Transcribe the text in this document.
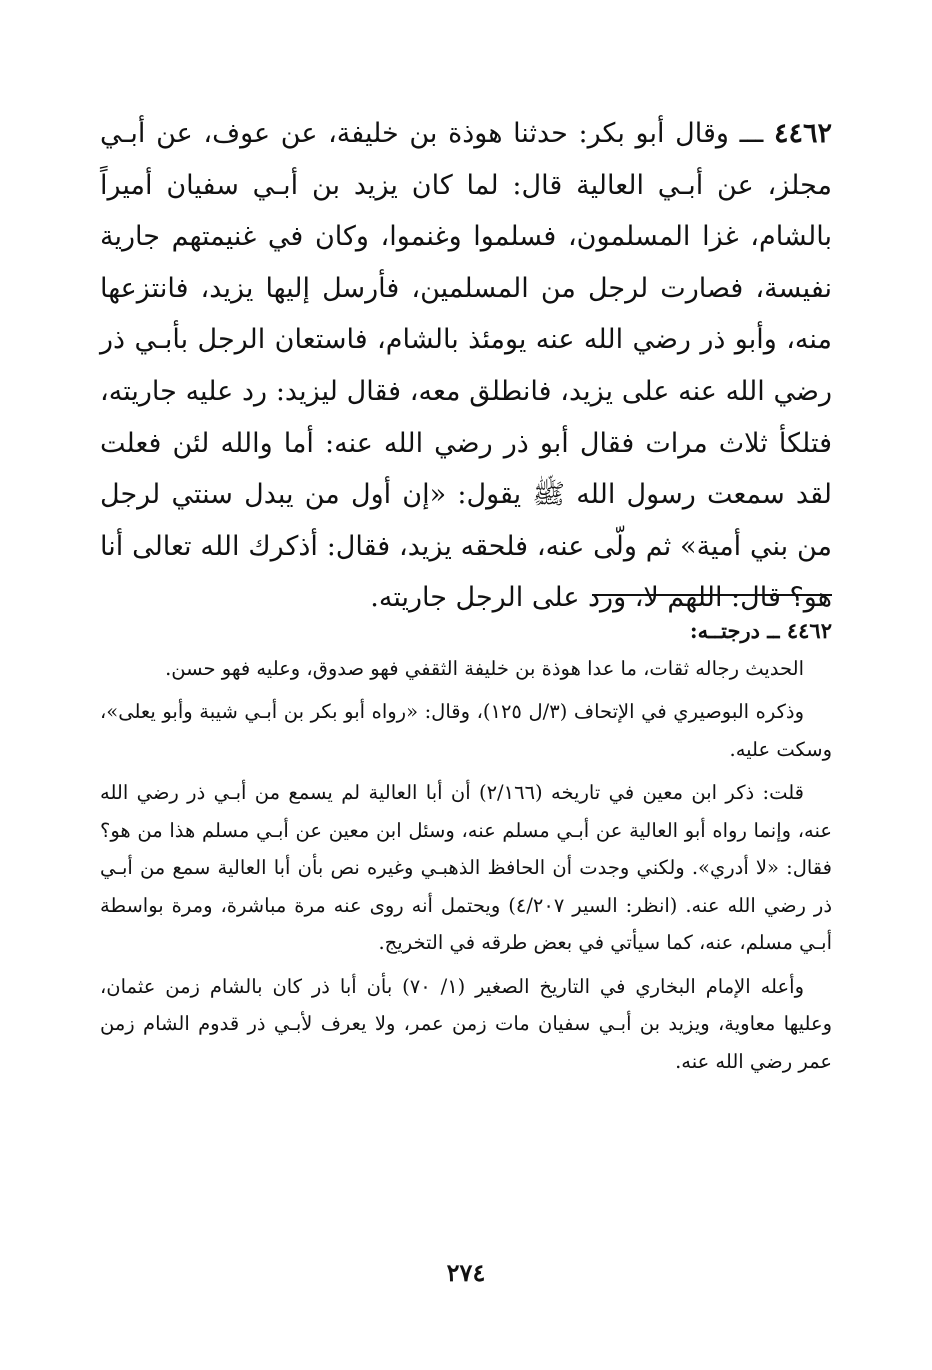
٤٤٦٢ ـــ وقال أبو بكر: حدثنا هوذة بن خليفة، عن عوف، عن أبـي مجلز، عن أبـي العالية قال: لما كان يزيد بن أبـي سفيان أميراً بالشام، غزا المسلمون، فسلموا وغنموا، وكان في غنيمتهم جارية نفيسة، فصارت لرجل من المسلمين، فأرسل إليها يزيد، فانتزعها منه، وأبو ذر رضي الله عنه يومئذ بالشام، فاستعان الرجل بأبـي ذر رضي الله عنه على يزيد، فانطلق معه، فقال ليزيد: رد عليه جاريته، فتلكأ ثلاث مرات فقال أبو ذر رضي الله عنه: أما والله لئن فعلت لقد سمعت رسول الله ﷺ يقول: «إن أول من يبدل سنتي لرجل من بني أمية» ثم ولّى عنه، فلحقه يزيد، فقال: أذكرك الله تعالى أنا هو؟ قال: اللهم لا، ورد على الرجل جاريته.

٤٤٦٢ ــ درجتــه:

الحديث رجاله ثقات، ما عدا هوذة بن خليفة الثقفي فهو صدوق، وعليه فهو حسن.

وذكره البوصيري في الإتحاف (٣/ل ١٢٥)، وقال: «رواه أبو بكر بن أبـي شيبة وأبو يعلى»، وسكت عليه.

قلت: ذكر ابن معين في تاريخه (٢/١٦٦) أن أبا العالية لم يسمع من أبـي ذر رضي الله عنه، وإنما رواه أبو العالية عن أبـي مسلم عنه، وسئل ابن معين عن أبـي مسلم هذا من هو؟ فقال: «لا أدري». ولكني وجدت أن الحافظ الذهبـي وغيره نص بأن أبا العالية سمع من أبـي ذر رضي الله عنه. (انظر: السير ٤/٢٠٧) ويحتمل أنه روى عنه مرة مباشرة، ومرة بواسطة أبـي مسلم، عنه، كما سيأتي في بعض طرقه في التخريج.

وأعله الإمام البخاري في التاريخ الصغير (١/ ٧٠) بأن أبا ذر كان بالشام زمن عثمان، وعليها معاوية، ويزيد بن أبـي سفيان مات زمن عمر، ولا يعرف لأبـي ذر قدوم الشام زمن عمر رضي الله عنه.

٢٧٤
